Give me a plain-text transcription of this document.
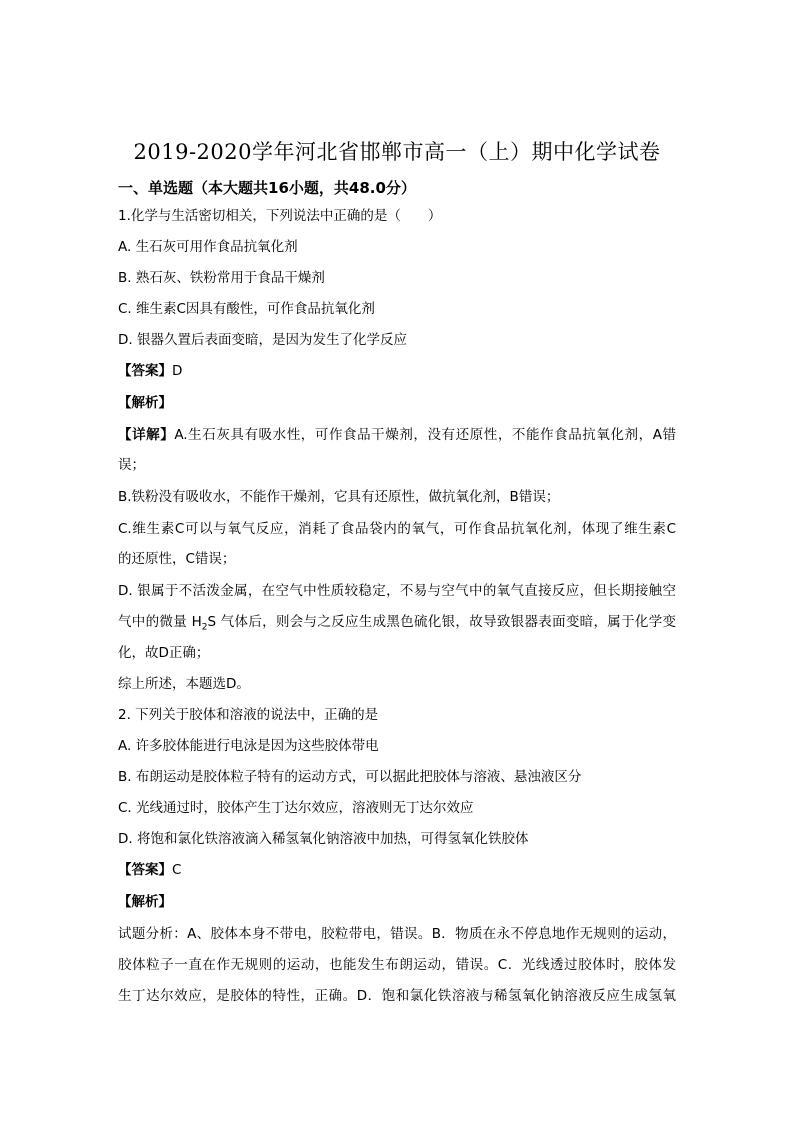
2019-2020学年河北省邯郸市高一（上）期中化学试卷
一、单选题（本大题共16小题，共48.0分）
1.化学与生活密切相关，下列说法中正确的是（　　）
A. 生石灰可用作食品抗氧化剂
B. 熟石灰、铁粉常用于食品干燥剂
C. 维生素C因具有酸性，可作食品抗氧化剂
D. 银器久置后表面变暗，是因为发生了化学反应
【答案】D
【解析】
【详解】A.生石灰具有吸水性，可作食品干燥剂，没有还原性，不能作食品抗氧化剂，A错
误；
B.铁粉没有吸收水，不能作干燥剂，它具有还原性，做抗氧化剂，B错误；
C.维生素C可以与氧气反应，消耗了食品袋内的氧气，可作食品抗氧化剂，体现了维生素C
的还原性，C错误；
D. 银属于不活泼金属，在空气中性质较稳定，不易与空气中的氧气直接反应，但长期接触空
气中的微量 $H_2S$ 气体后，则会与之反应生成黑色硫化银，故导致银器表面变暗，属于化学变
化，故D正确；
综上所述，本题选D。
2. 下列关于胶体和溶液的说法中，正确的是
A. 许多胶体能进行电泳是因为这些胶体带电
B. 布朗运动是胶体粒子特有的运动方式，可以据此把胶体与溶液、悬浊液区分
C. 光线通过时，胶体产生丁达尔效应，溶液则无丁达尔效应
D. 将饱和氯化铁溶液滴入稀氢氧化钠溶液中加热，可得氢氧化铁胶体
【答案】C
【解析】
试题分析：A、胶体本身不带电，胶粒带电，错误。B．物质在永不停息地作无规则的运动，
胶体粒子一直在作无规则的运动，也能发生布朗运动，错误。C．光线透过胶体时，胶体发
生丁达尔效应，是胶体的特性，正确。D．饱和氯化铁溶液与稀氢氧化钠溶液反应生成氢氧
